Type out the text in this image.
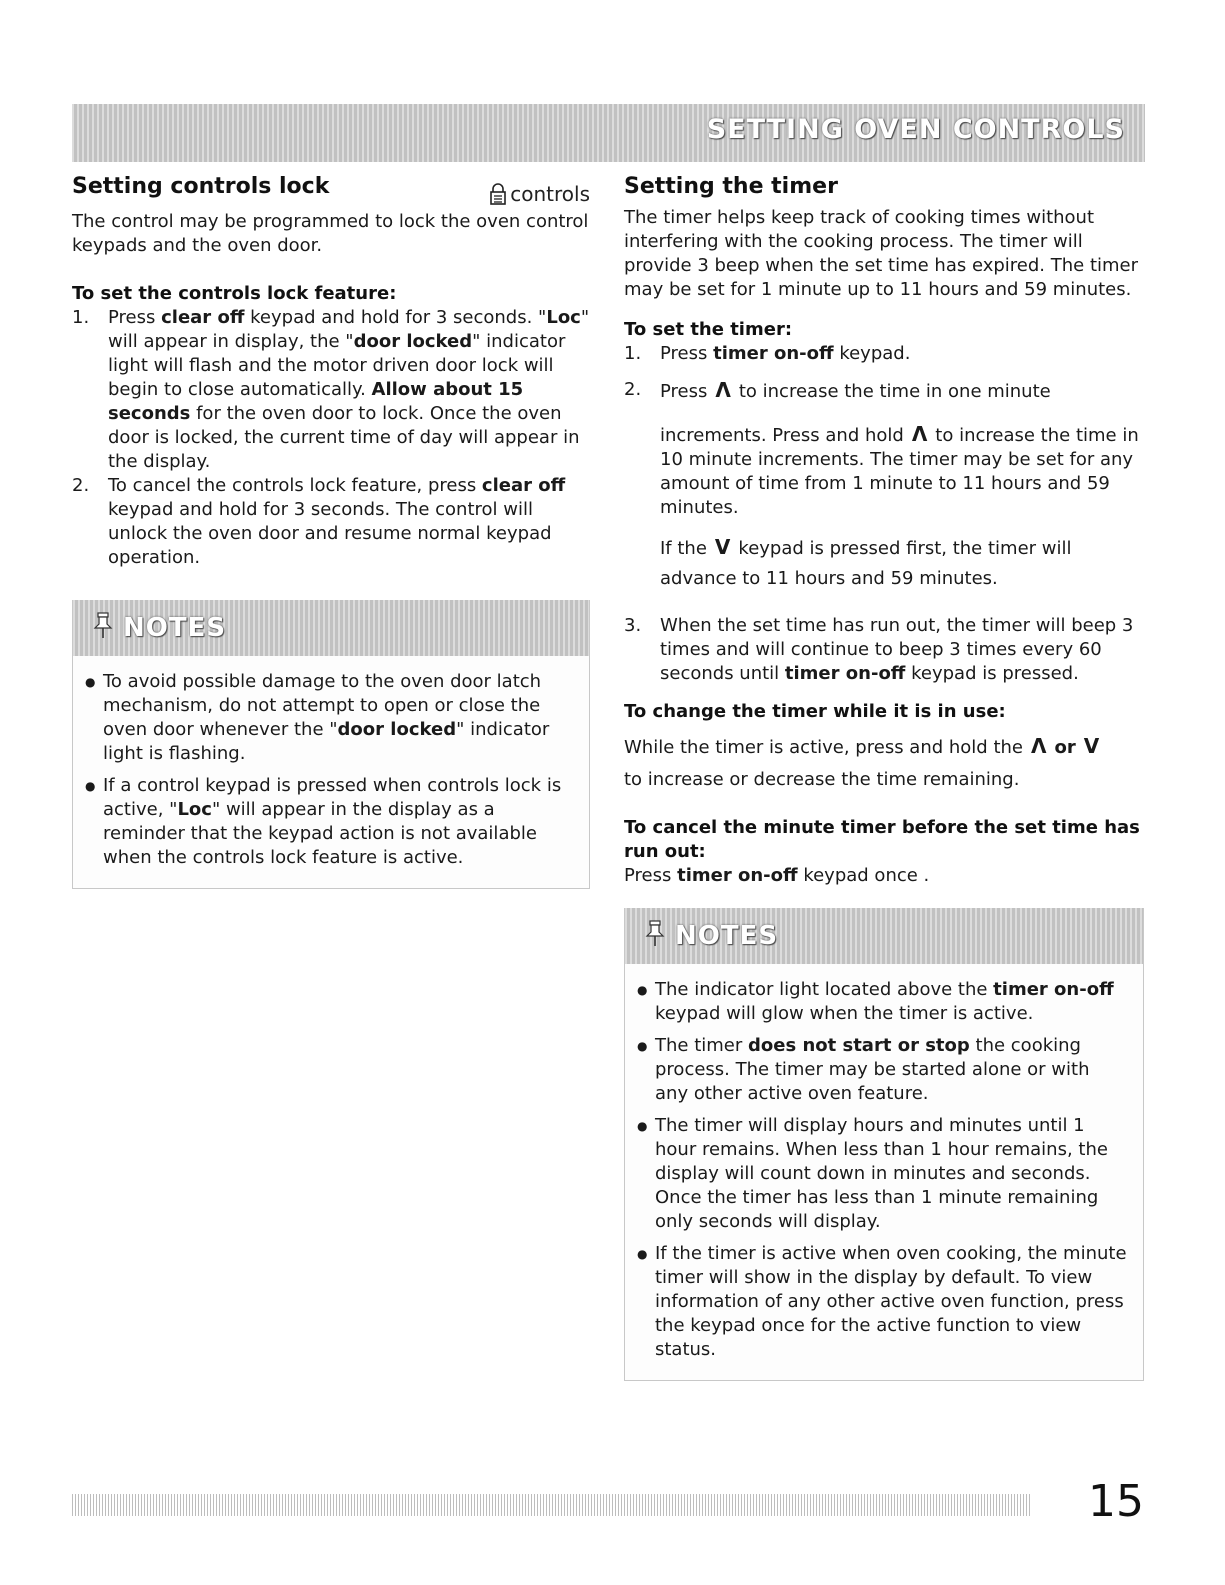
SETTING OVEN CONTROLS
Setting controls lock	controls

The control may be programmed to lock the oven control keypads and the oven door.

To set the controls lock feature:
1. Press clear off keypad and hold for 3 seconds. "Loc" will appear in display, the "door locked" indicator light will flash and the motor driven door lock will begin to close automatically. Allow about 15 seconds for the oven door to lock. Once the oven door is locked, the current time of day will appear in the display.
2. To cancel the controls lock feature, press clear off keypad and hold for 3 seconds. The control will unlock the oven door and resume normal keypad operation.
NOTES
● To avoid possible damage to the oven door latch mechanism, do not attempt to open or close the oven door whenever the "door locked" indicator light is flashing.
● If a control keypad is pressed when controls lock is active, "Loc" will appear in the display as a reminder that the keypad action is not available when the controls lock feature is active.
Setting the timer

The timer helps keep track of cooking times without interfering with the cooking process. The timer will provide 3 beep when the set time has expired. The timer may be set for 1 minute up to 11 hours and 59 minutes.

To set the timer:
1. Press timer on-off keypad.
2. Press Λ to increase the time in one minute

increments. Press and hold Λ to increase the time in 10 minute increments. The timer may be set for any amount of time from 1 minute to 11 hours and 59 minutes.

If the V keypad is pressed first, the timer will advance to 11 hours and 59 minutes.

3. When the set time has run out, the timer will beep 3 times and will continue to beep 3 times every 60 seconds until timer on-off keypad is pressed.
To change the timer while it is in use:

While the timer is active, press and hold the Λ or V
to increase or decrease the time remaining.

To cancel the minute timer before the set time has run out:

Press timer on-off keypad once .

NOTES
● The indicator light located above the timer on-off keypad will glow when the timer is active.
● The timer does not start or stop the cooking process. The timer may be started alone or with any other active oven feature.
● The timer will display hours and minutes until 1 hour remains. When less than 1 hour remains, the display will count down in minutes and seconds. Once the timer has less than 1 minute remaining only seconds will display.
● If the timer is active when oven cooking, the minute timer will show in the display by default. To view information of any other active oven function, press the keypad once for the active function to view status.
15
